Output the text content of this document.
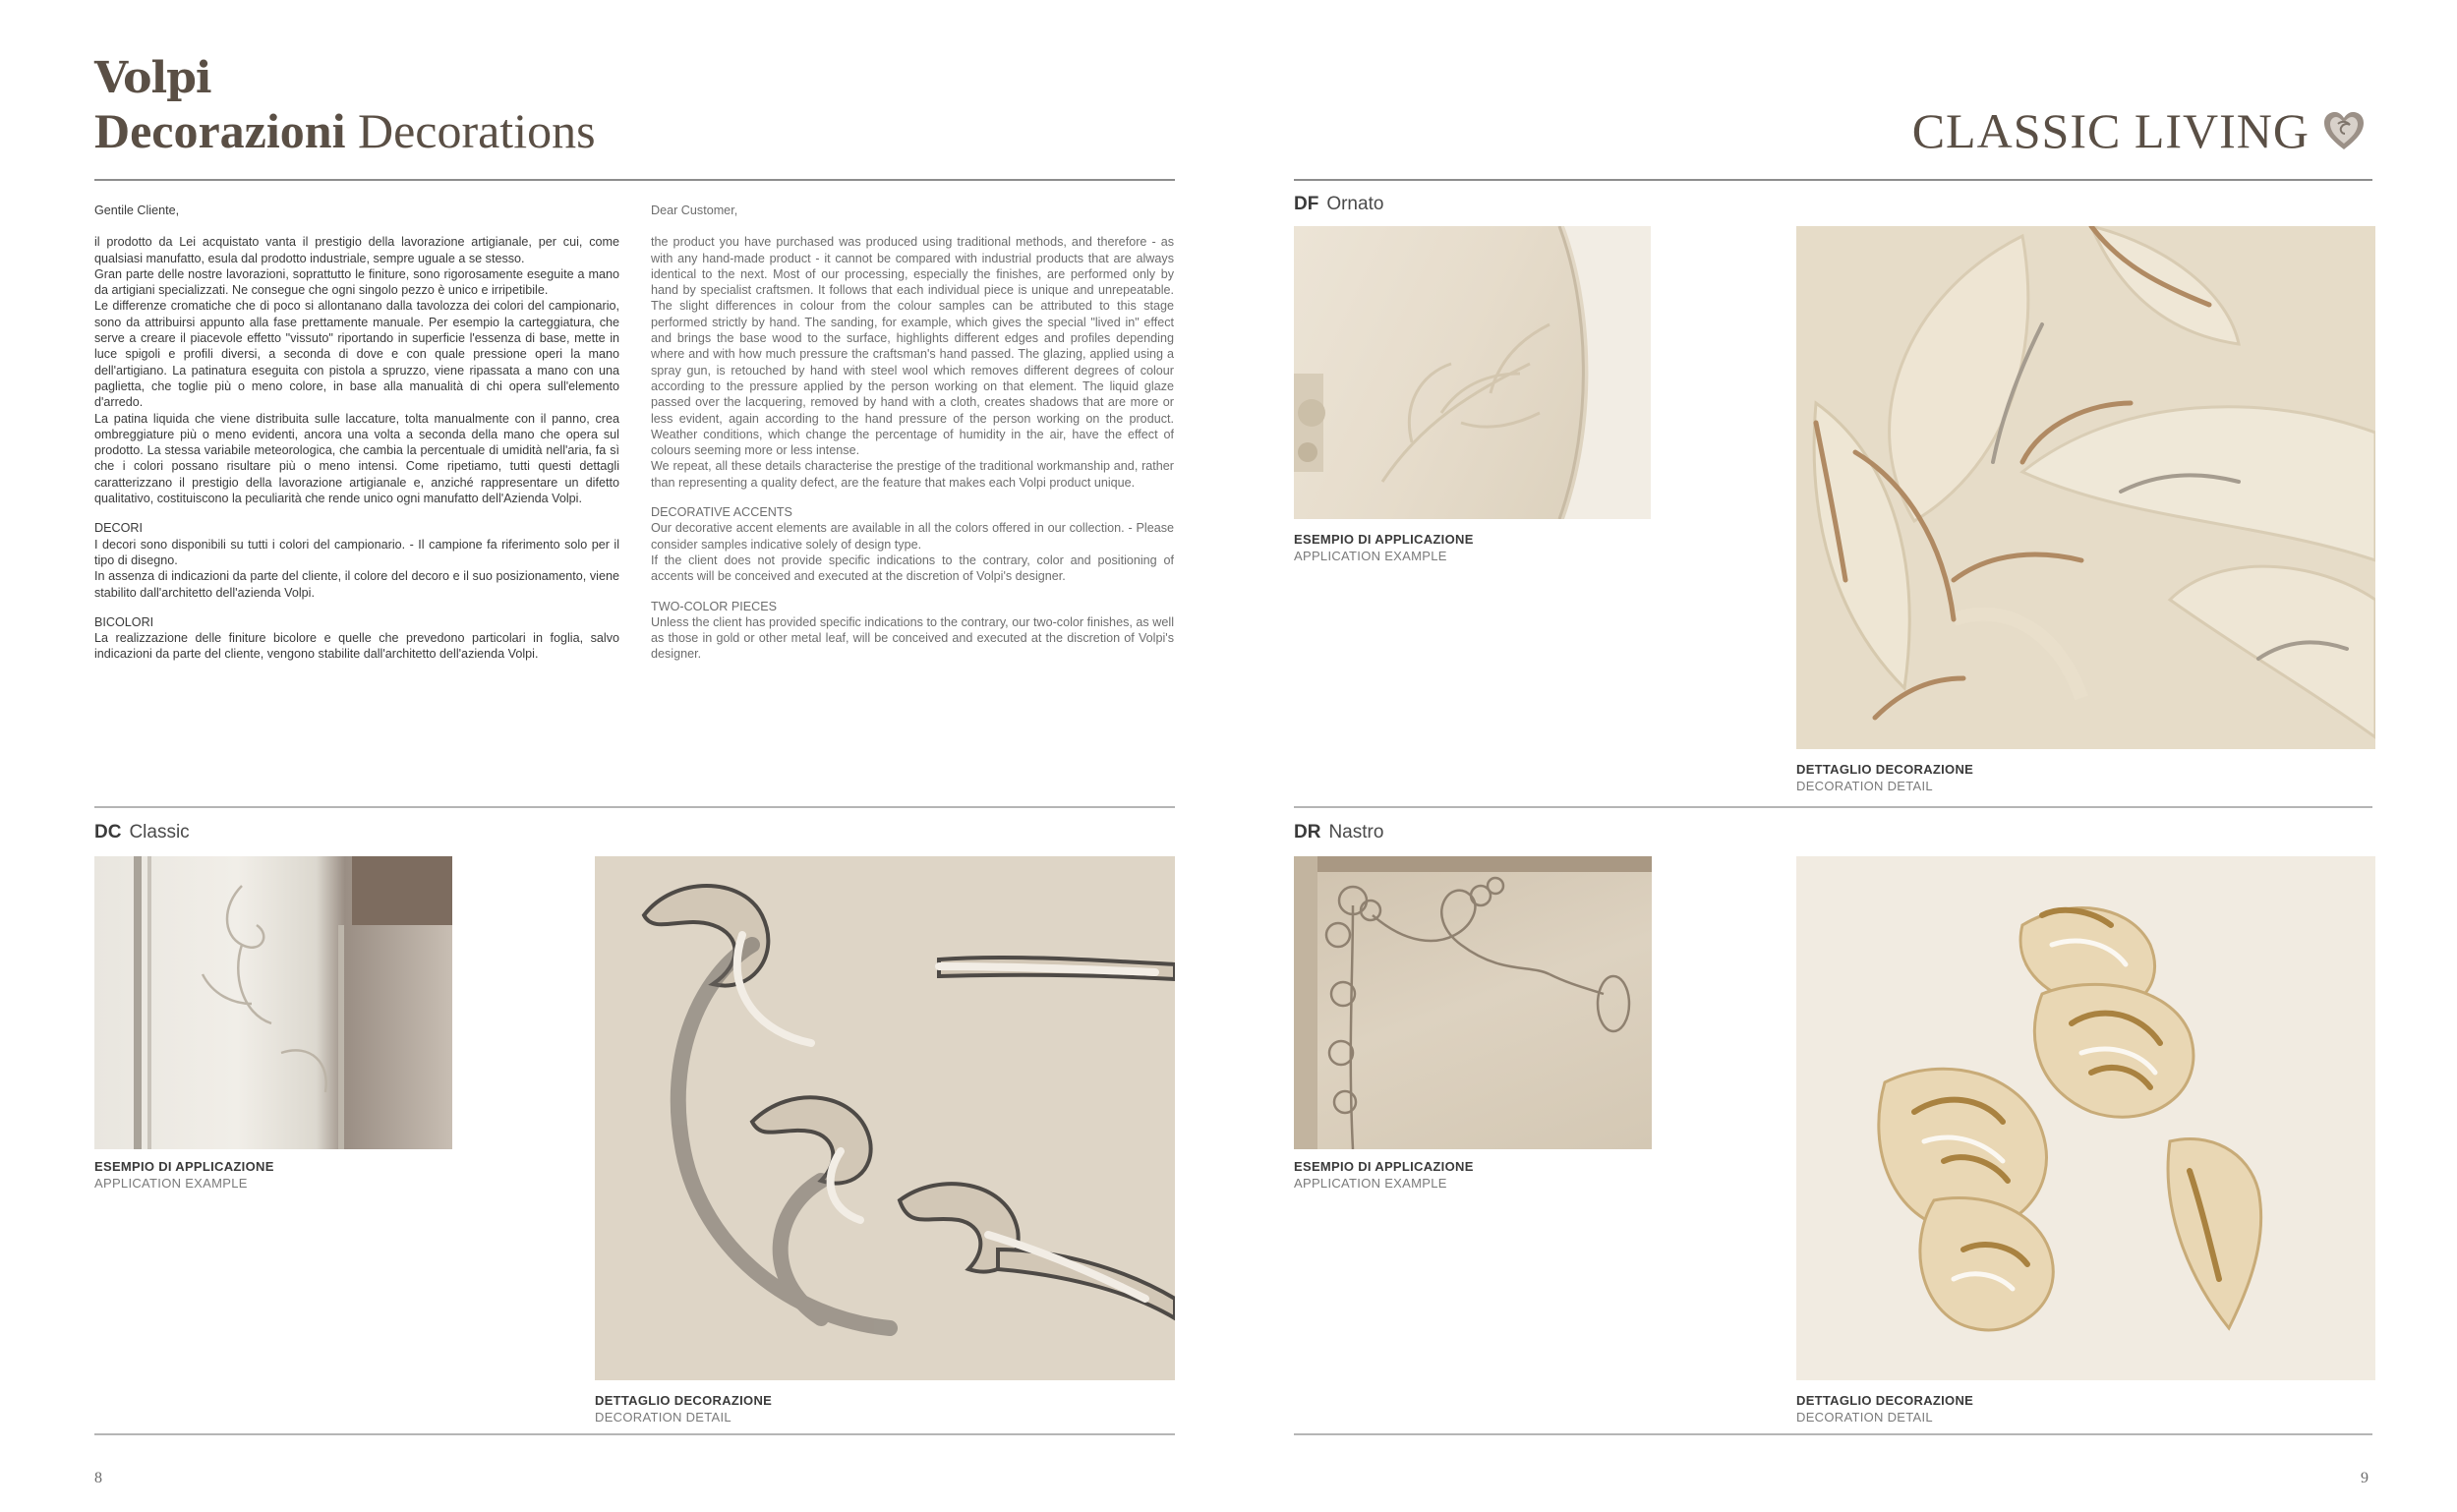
Volpi
Decorazioni Decorations	CLASSIC LIVING

Gentile Cliente,

il prodotto da Lei acquistato vanta il prestigio della lavorazione artigianale, per cui, come qualsiasi manufatto, esula dal prodotto industriale, sempre uguale a se stesso.

Gran parte delle nostre lavorazioni, soprattutto le finiture, sono rigorosamente eseguite a mano da artigiani specializzati. Ne consegue che ogni singolo pezzo è unico e irripetibile.

Le differenze cromatiche che di poco si allontanano dalla tavolozza dei colori del campionario, sono da attribuirsi appunto alla fase prettamente manuale. Per esempio la carteggiatura, che serve a creare il piacevole effetto "vissuto" riportando in superficie l'essenza di base, mette in luce spigoli e profili diversi, a seconda di dove e con quale pressione operi la mano dell'artigiano. La patinatura eseguita con pistola a spruzzo, viene ripassata a mano con una paglietta, che toglie più o meno colore, in base alla manualità di chi opera sull'elemento d'arredo.

La patina liquida che viene distribuita sulle laccature, tolta manualmente con il panno, crea ombreggiature più o meno evidenti, ancora una volta a seconda della mano che opera sul prodotto. La stessa variabile meteorologica, che cambia la percentuale di umidità nell'aria, fa sì che i colori possano risultare più o meno intensi. Come ripetiamo, tutti questi dettagli caratterizzano il prestigio della lavorazione artigianale e, anziché rappresentare un difetto qualitativo, costituiscono la peculiarità che rende unico ogni manufatto dell'Azienda Volpi.

DECORI

I decori sono disponibili su tutti i colori del campionario. - Il campione fa riferimento solo per il tipo di disegno.

In assenza di indicazioni da parte del cliente, il colore del decoro e il suo posizionamento, viene stabilito dall'architetto dell'azienda Volpi.

BICOLORI

La realizzazione delle finiture bicolore e quelle che prevedono particolari in foglia, salvo indicazioni da parte del cliente, vengono stabilite dall'architetto dell'azienda Volpi.

Dear Customer,

the product you have purchased was produced using traditional methods, and therefore - as with any hand-made product - it cannot be compared with industrial products that are always identical to the next. Most of our processing, especially the finishes, are performed only by hand by specialist craftsmen. It follows that each individual piece is unique and unrepeatable. The slight differences in colour from the colour samples can be attributed to this stage performed strictly by hand. The sanding, for example, which gives the special "lived in" effect and brings the base wood to the surface, highlights different edges and profiles depending where and with how much pressure the craftsman's hand passed. The glazing, applied using a spray gun, is retouched by hand with steel wool which removes different degrees of colour according to the pressure applied by the person working on that element. The liquid glaze passed over the lacquering, removed by hand with a cloth, creates shadows that are more or less evident, again according to the hand pressure of the person working on the product. Weather conditions, which change the percentage of humidity in the air, have the effect of colours seeming more or less intense.

We repeat, all these details characterise the prestige of the traditional workmanship and, rather than representing a quality defect, are the feature that makes each Volpi product unique.

DECORATIVE ACCENTS

Our decorative accent elements are available in all the colors offered in our collection. - Please consider samples indicative solely of design type.

If the client does not provide specific indications to the contrary, color and positioning of accents will be conceived and executed at the discretion of Volpi's designer.

TWO-COLOR PIECES

Unless the client has provided specific indications to the contrary, our two-color finishes, as well as those in gold or other metal leaf, will be conceived and executed at the discretion of Volpi's designer.

DF Ornato
ESEMPIO DI APPLICAZIONE
APPLICATION EXAMPLE
DETTAGLIO DECORAZIONE
DECORATION DETAIL
DC Classic
ESEMPIO DI APPLICAZIONE
APPLICATION EXAMPLE
DETTAGLIO DECORAZIONE
DECORATION DETAIL
DR Nastro
ESEMPIO DI APPLICAZIONE
APPLICATION EXAMPLE
DETTAGLIO DECORAZIONE
DECORATION DETAIL
8	9
